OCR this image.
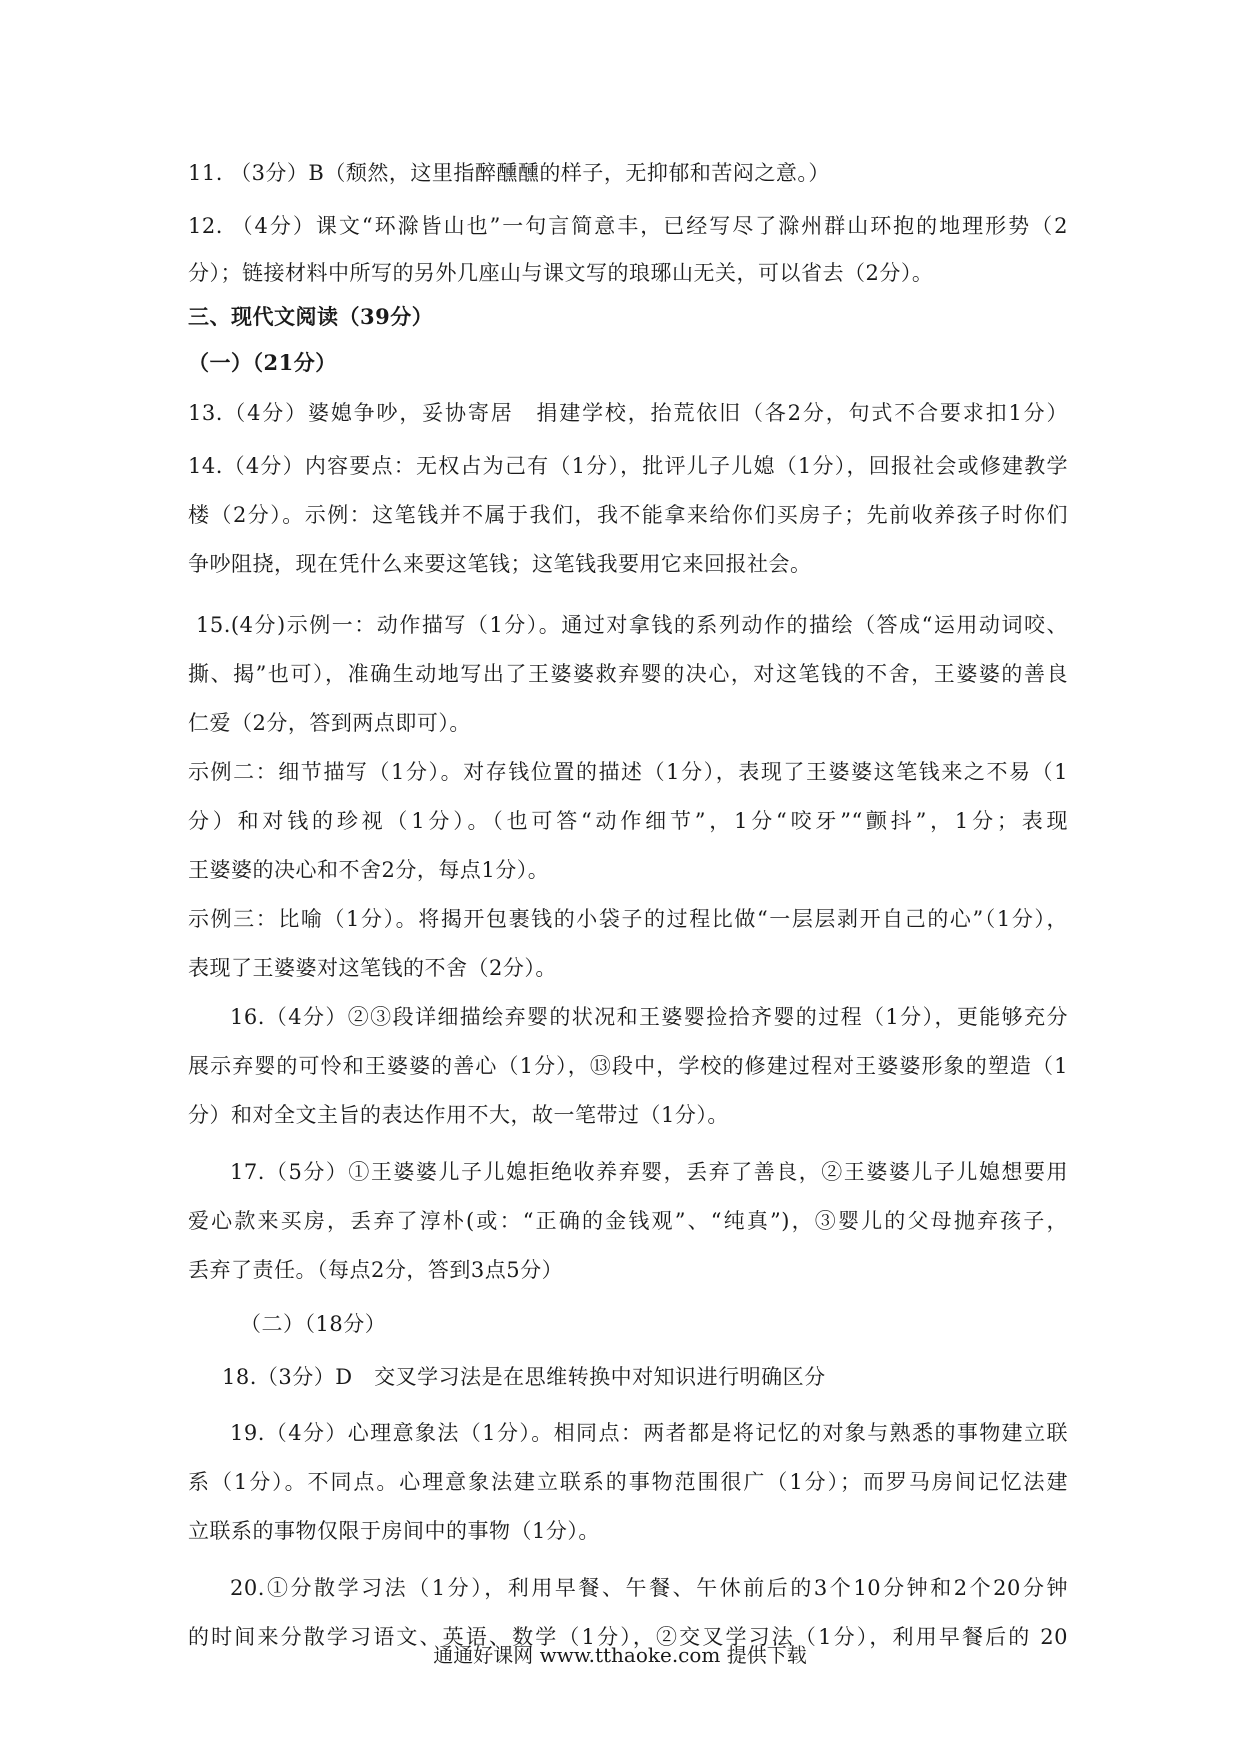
11. （3分）B（颓然，这里指醉醺醺的样子，无抑郁和苦闷之意。）
12. （4分）课文“环滁皆山也”一句言简意丰，已经写尽了滁州群山环抱的地理形势（2
分）；链接材料中所写的另外几座山与课文写的琅琊山无关，可以省去（2分）。
三、现代文阅读（39分）
（一）（21分）
13.（4分）婆媳争吵，妥协寄居　捐建学校，抬荒依旧（各2分，句式不合要求扣1分）
14.（4分）内容要点：无权占为己有（1分），批评儿子儿媳（1分），回报社会或修建教学
楼（2分）。示例：这笔钱并不属于我们，我不能拿来给你们买房子；先前收养孩子时你们
争吵阻挠，现在凭什么来要这笔钱；这笔钱我要用它来回报社会。
15.(4分)示例一：动作描写（1分）。通过对拿钱的系列动作的描绘（答成“运用动词咬、
撕、揭”也可），准确生动地写出了王婆婆救弃婴的决心，对这笔钱的不舍，王婆婆的善良
仁爱（2分，答到两点即可）。
示例二：细节描写（1分）。对存钱位置的描述（1分），表现了王婆婆这笔钱来之不易（1
分）和对钱的珍视（1分）。（也可答“动作细节”，1分“咬牙”“颤抖”，1分；表现
王婆婆的决心和不舍2分，每点1分）。
示例三：比喻（1分）。将揭开包裹钱的小袋子的过程比做“一层层剥开自己的心”（1分），
表现了王婆婆对这笔钱的不舍（2分）。
16.（4分）②③段详细描绘弃婴的状况和王婆婴捡拾齐婴的过程（1分），更能够充分
展示弃婴的可怜和王婆婆的善心（1分），⑬段中，学校的修建过程对王婆婆形象的塑造（1
分）和对全文主旨的表达作用不大，故一笔带过（1分）。
17.（5分）①王婆婆儿子儿媳拒绝收养弃婴，丢弃了善良，②王婆婆儿子儿媳想要用
爱心款来买房，丢弃了淳朴(或：“正确的金钱观”、“纯真”)，③婴儿的父母抛弃孩子，
丢弃了责任。（每点2分，答到3点5分）
（二）（18分）
18.（3分）D　交叉学习法是在思维转换中对知识进行明确区分
19.（4分）心理意象法（1分）。相同点：两者都是将记忆的对象与熟悉的事物建立联
系（1分）。不同点。心理意象法建立联系的事物范围很广（1分）；而罗马房间记忆法建
立联系的事物仅限于房间中的事物（1分）。
20.①分散学习法（1分），利用早餐、午餐、午休前后的3个10分钟和2个20分钟
的时间来分散学习语文、英语、数学（1分），②交叉学习法（1分），利用早餐后的 20
通通好课网 www.tthaoke.com 提供下载
